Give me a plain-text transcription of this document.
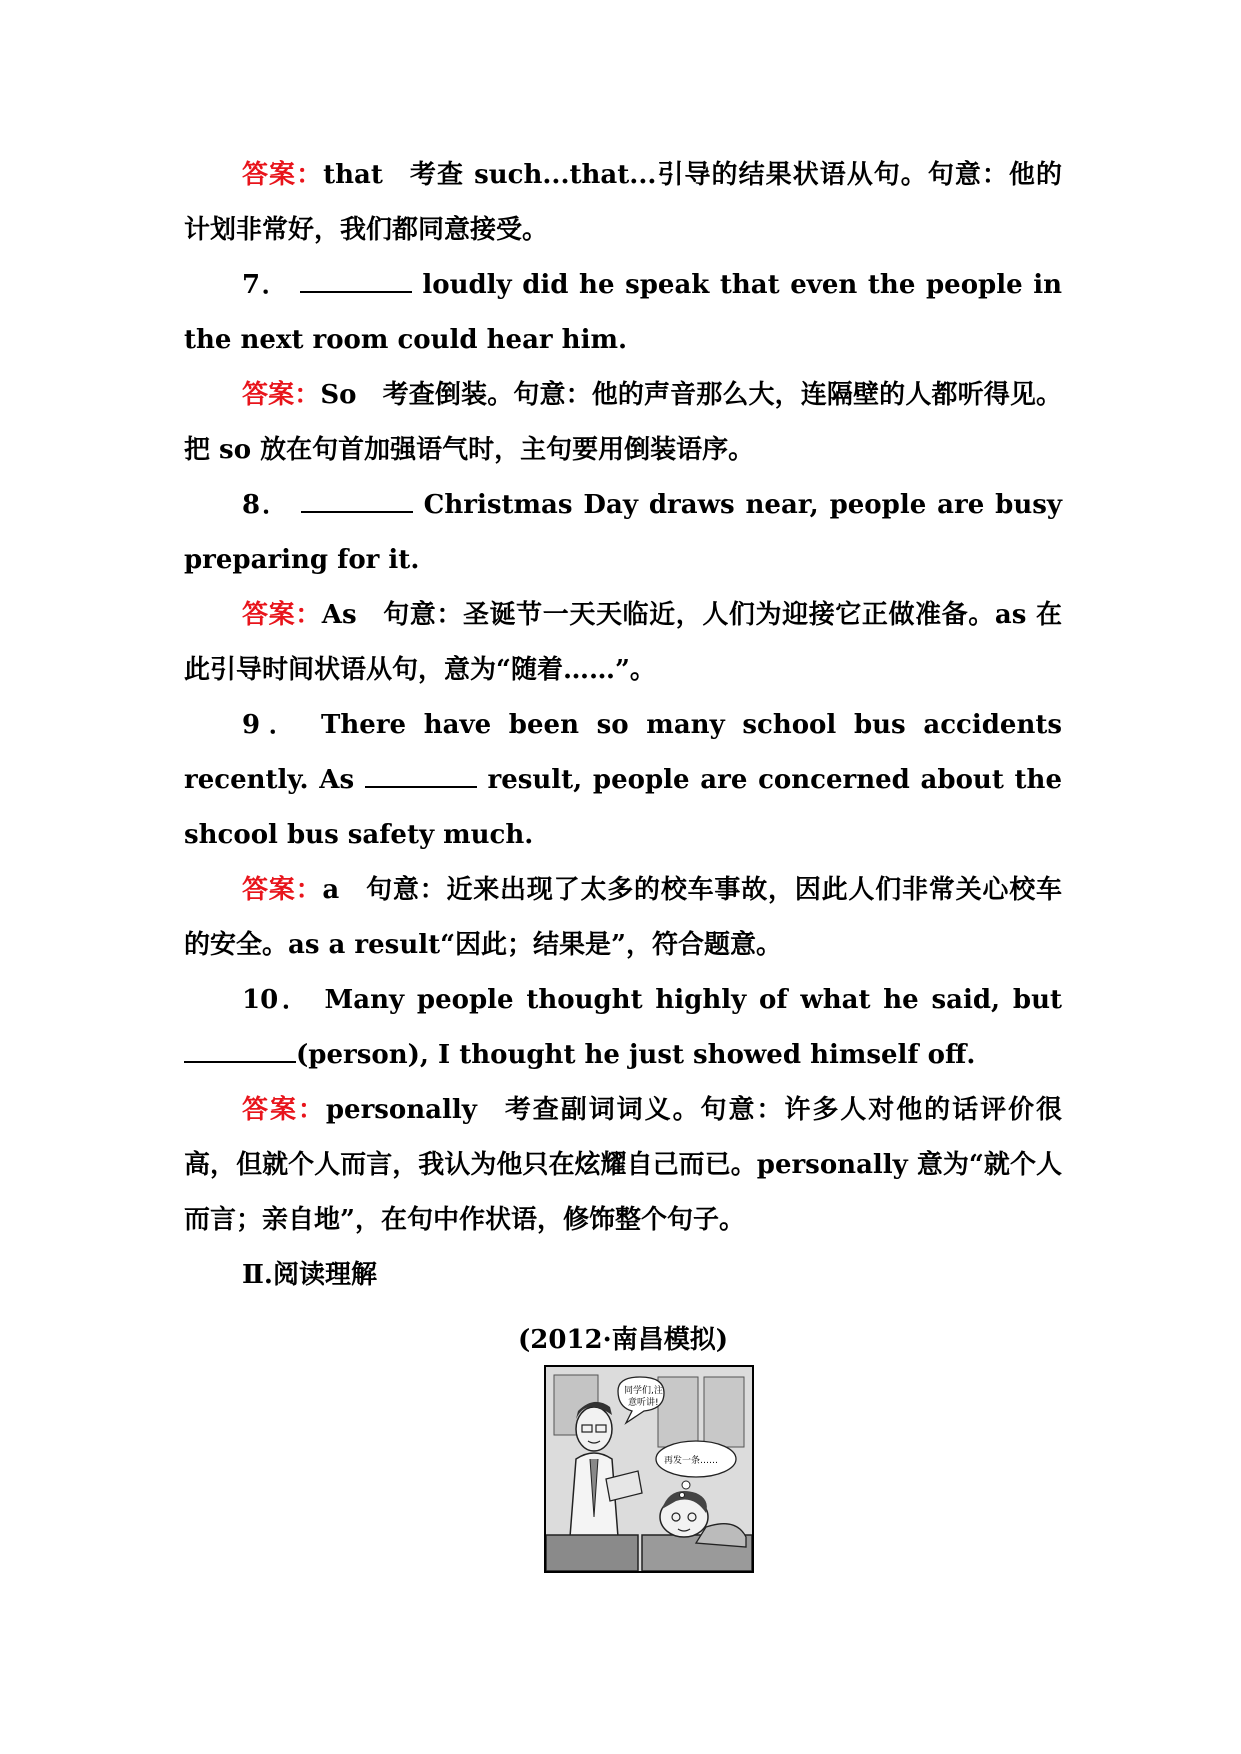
答案：that 考查 such...that...引导的结果状语从句。句意：他的计划非常好，我们都同意接受。

7．	loudly did he speak that even the people in the next room could hear him.

答案：So 考查倒装。句意：他的声音那么大，连隔壁的人都听得见。把 so 放在句首加强语气时，主句要用倒装语序。

8．	Christmas Day draws near, people are busy preparing for it.

答案：As 句意：圣诞节一天天临近，人们为迎接它正做准备。as 在此引导时间状语从句，意为“随着……”。

9． There have been so many school bus accidents recently. As	result, people are concerned about the shcool bus safety much.

答案：a 句意：近来出现了太多的校车事故，因此人们非常关心校车的安全。as a result“因此；结果是”，符合题意。

10． Many people thought highly of what he said, but (person), I thought he just showed himself off.

答案：personally 考查副词词义。句意：许多人对他的话评价很高，但就个人而言，我认为他只在炫耀自己而已。personally 意为“就个人而言；亲自地”，在句中作状语，修饰整个句子。

Ⅱ.阅读理解

(2012·南昌模拟)

同学们,注
意听讲!
再发一条……
